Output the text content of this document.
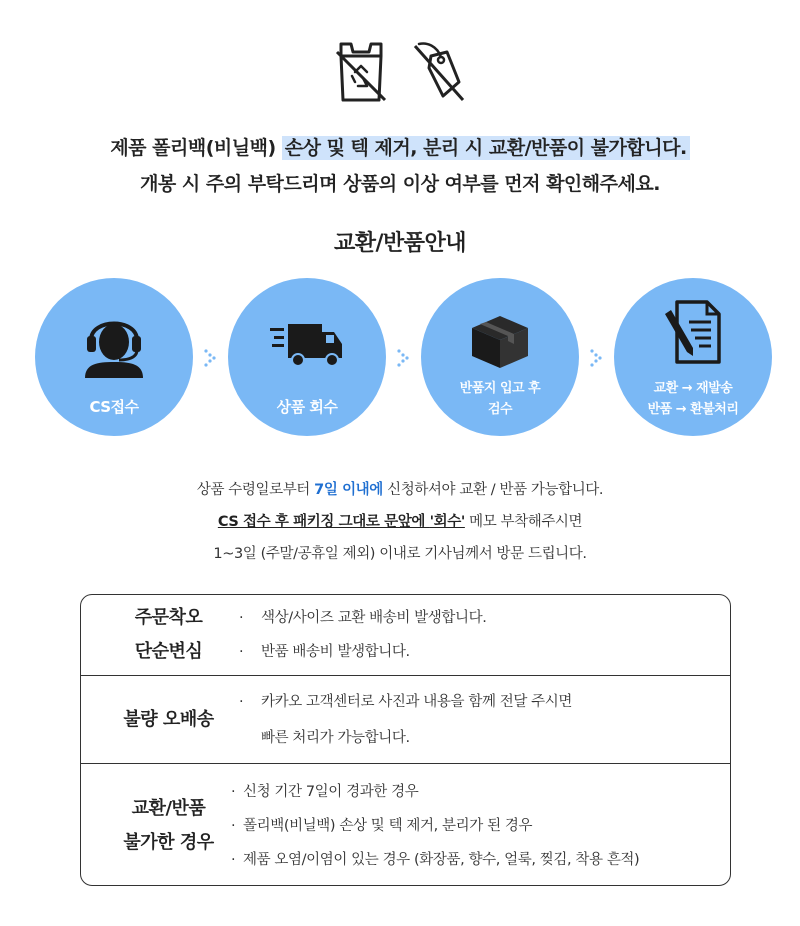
제품 폴리백(비닐백) 손상 및 텍 제거, 분리 시 교환/반품이 불가합니다.
개봉 시 주의 부탁드리며 상품의 이상 여부를 먼저 확인해주세요.
교환/반품안내
CS접수	상품 회수
반품지 입고 후
검수
교환 → 재발송
반품 → 환불처리
상품 수령일로부터 7일 이내에 신청하셔야 교환 / 반품 가능합니다.
CS 접수 후 패키징 그대로 문앞에 '회수' 메모 부착해주시면
1~3일 (주말/공휴일 제외) 이내로 기사님께서 방문 드립니다.
주문착오
단순변심
·	색상/사이즈 교환 배송비 발생합니다.
·	반품 배송비 발생합니다.
불량 오배송
·	카카오 고객센터로 사진과 내용을 함께 전달 주시면
빠른 처리가 가능합니다.
교환/반품
불가한 경우
· 신청 기간 7일이 경과한 경우
· 폴리백(비닐백) 손상 및 텍 제거, 분리가 된 경우
· 제품 오염/이염이 있는 경우 (화장품, 향수, 얼룩, 찢김, 착용 흔적)
